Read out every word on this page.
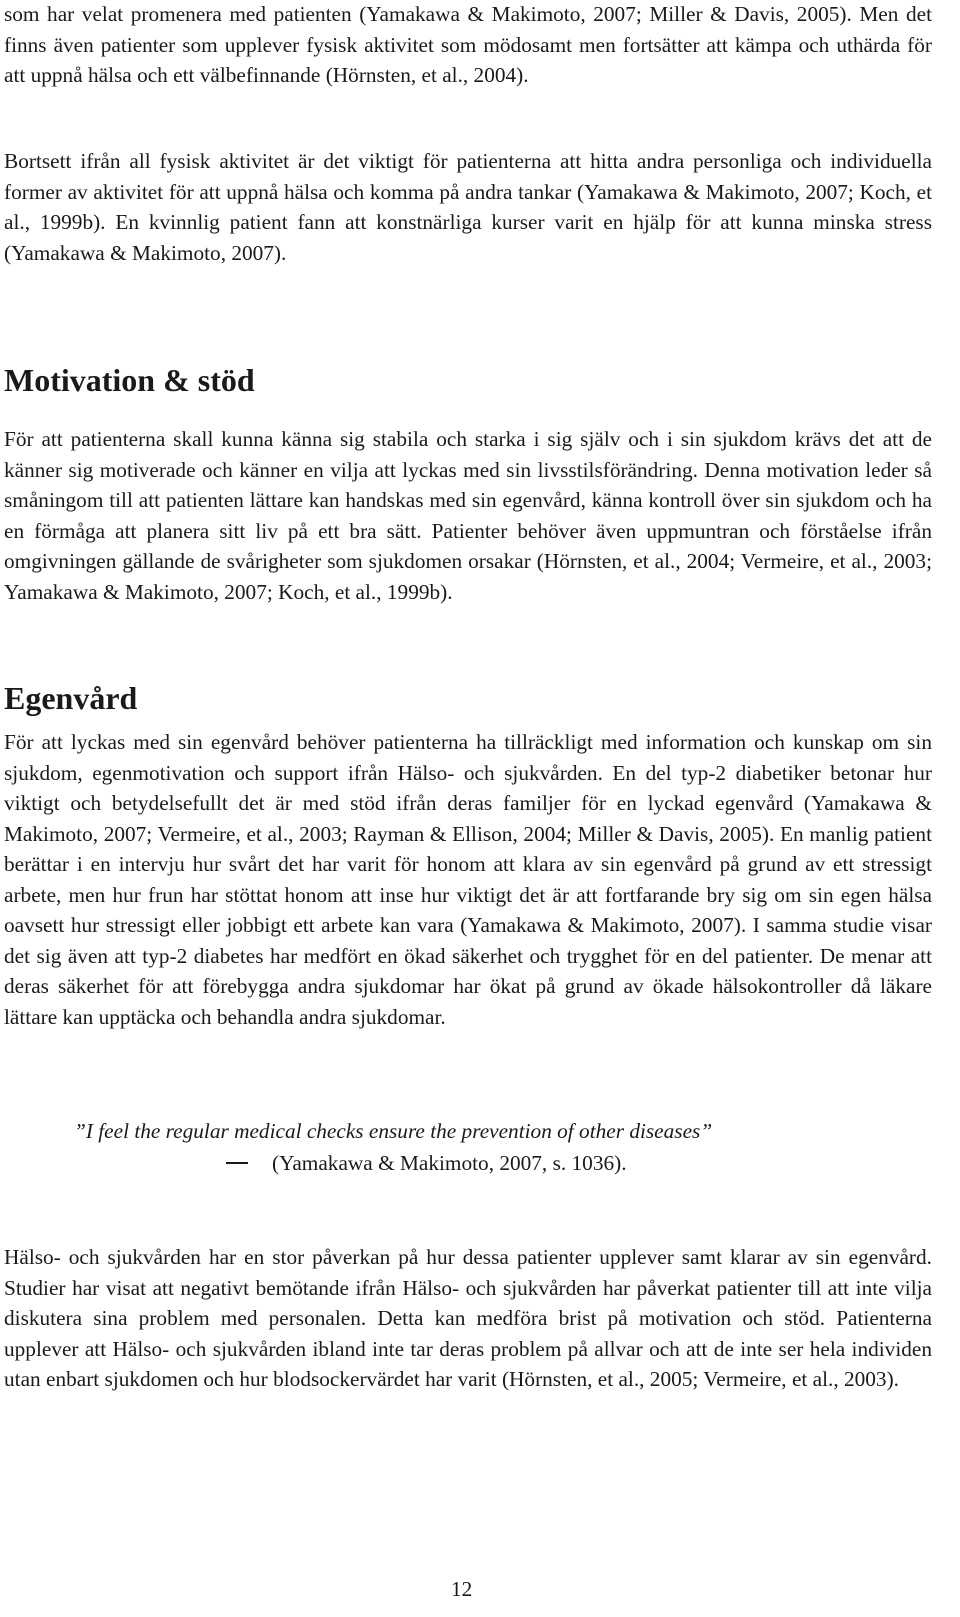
som har velat promenera med patienten (Yamakawa & Makimoto, 2007; Miller & Davis, 2005). Men det finns även patienter som upplever fysisk aktivitet som mödosamt men fortsätter att kämpa och uthärda för att uppnå hälsa och ett välbefinnande (Hörnsten, et al., 2004).

Bortsett ifrån all fysisk aktivitet är det viktigt för patienterna att hitta andra personliga och individuella former av aktivitet för att uppnå hälsa och komma på andra tankar (Yamakawa & Makimoto, 2007; Koch, et al., 1999b). En kvinnlig patient fann att konstnärliga kurser varit en hjälp för att kunna minska stress (Yamakawa & Makimoto, 2007).

Motivation & stöd

För att patienterna skall kunna känna sig stabila och starka i sig själv och i sin sjukdom krävs det att de känner sig motiverade och känner en vilja att lyckas med sin livsstilsförändring. Denna motivation leder så småningom till att patienten lättare kan handskas med sin egenvård, känna kontroll över sin sjukdom och ha en förmåga att planera sitt liv på ett bra sätt. Patienter behöver även uppmuntran och förståelse ifrån omgivningen gällande de svårigheter som sjukdomen orsakar (Hörnsten, et al., 2004; Vermeire, et al., 2003; Yamakawa & Makimoto, 2007; Koch, et al., 1999b).

Egenvård

För att lyckas med sin egenvård behöver patienterna ha tillräckligt med information och kunskap om sin sjukdom, egenmotivation och support ifrån Hälso- och sjukvården. En del typ-2 diabetiker betonar hur viktigt och betydelsefullt det är med stöd ifrån deras familjer för en lyckad egenvård (Yamakawa & Makimoto, 2007; Vermeire, et al., 2003; Rayman & Ellison, 2004; Miller & Davis, 2005). En manlig patient berättar i en intervju hur svårt det har varit för honom att klara av sin egenvård på grund av ett stressigt arbete, men hur frun har stöttat honom att inse hur viktigt det är att fortfarande bry sig om sin egen hälsa oavsett hur stressigt eller jobbigt ett arbete kan vara (Yamakawa & Makimoto, 2007). I samma studie visar det sig även att typ-2 diabetes har medfört en ökad säkerhet och trygghet för en del patienter. De menar att deras säkerhet för att förebygga andra sjukdomar har ökat på grund av ökade hälsokontroller då läkare lättare kan upptäcka och behandla andra sjukdomar.

”I feel the regular medical checks ensure the prevention of other diseases”
(Yamakawa & Makimoto, 2007, s. 1036).

Hälso- och sjukvården har en stor påverkan på hur dessa patienter upplever samt klarar av sin egenvård. Studier har visat att negativt bemötande ifrån Hälso- och sjukvården har påverkat patienter till att inte vilja diskutera sina problem med personalen. Detta kan medföra brist på motivation och stöd. Patienterna upplever att Hälso- och sjukvården ibland inte tar deras problem på allvar och att de inte ser hela individen utan enbart sjukdomen och hur blodsockervärdet har varit (Hörnsten, et al., 2005; Vermeire, et al., 2003).

12
